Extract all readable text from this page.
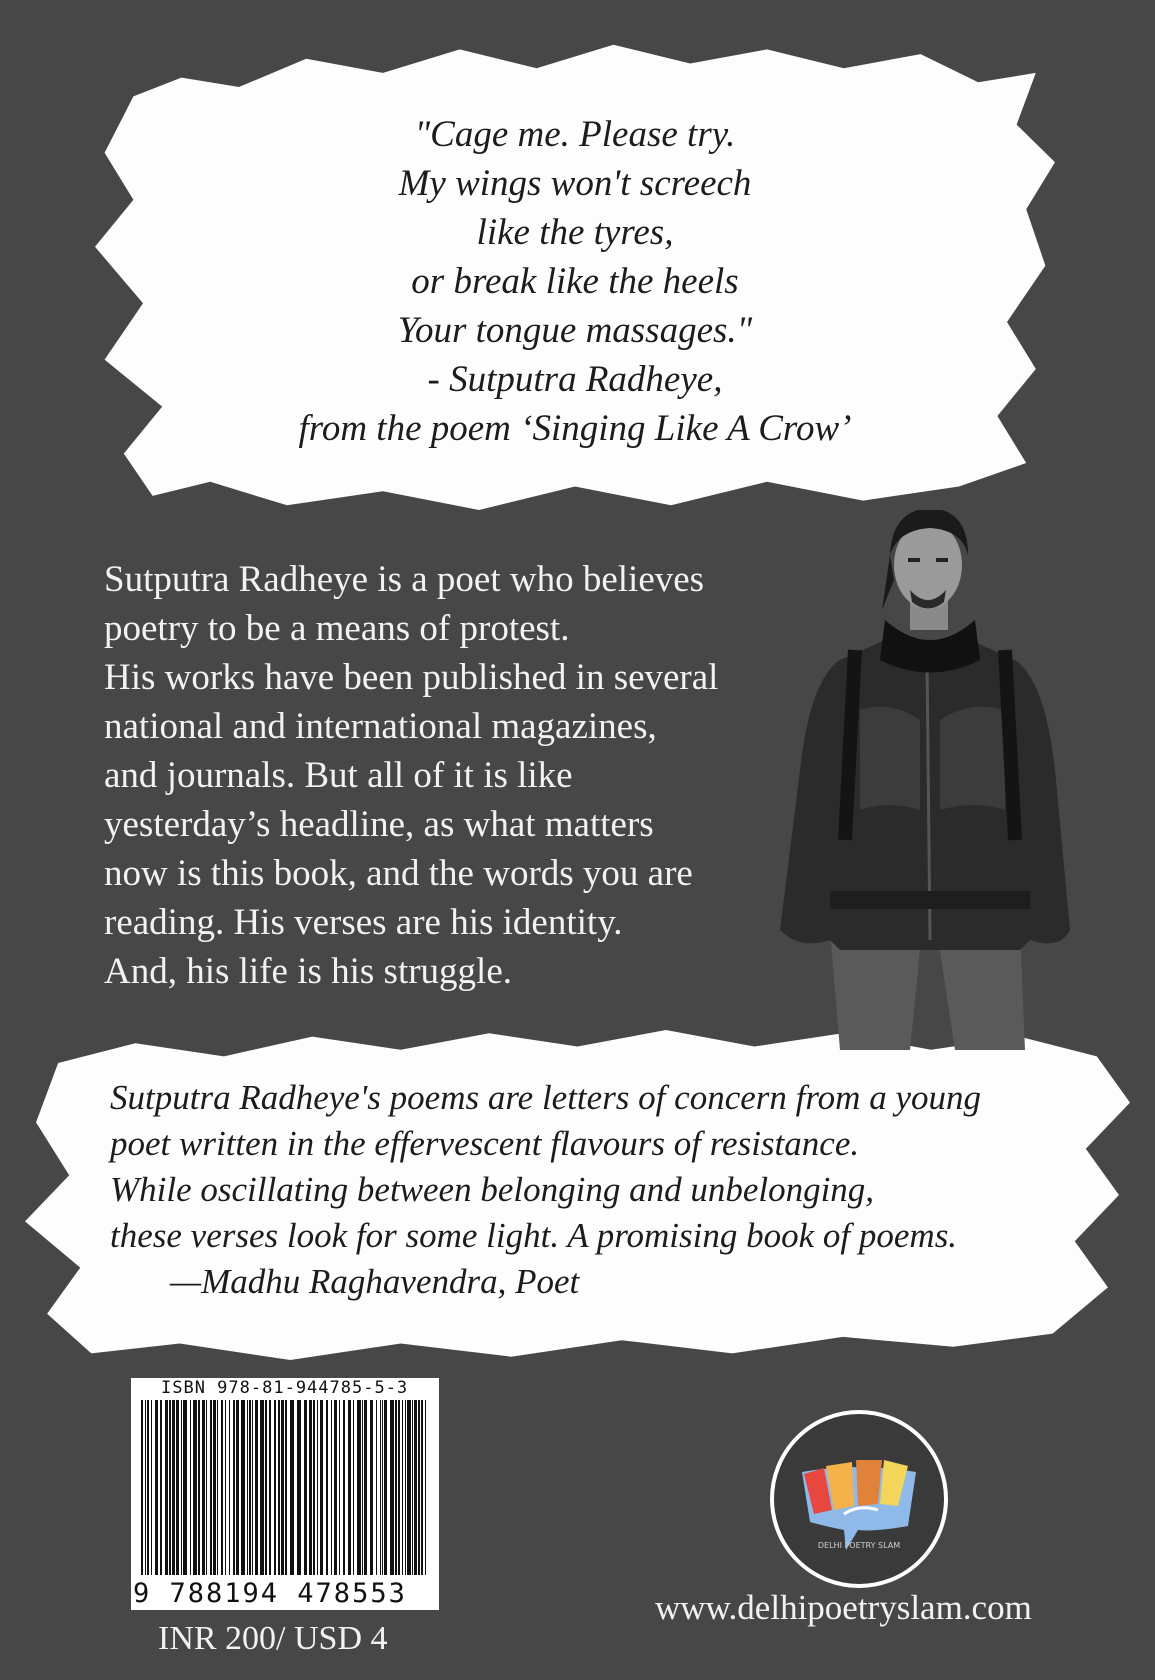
"Cage me. Please try.
My wings won't screech
like the tyres,
or break like the heels
Your tongue massages."
- Sutputra Radheye,
from the poem ‘Singing Like A Crow’
Sutputra Radheye is a poet who believes
poetry to be a means of protest.
His works have been published in several
national and international magazines,
and journals. But all of it is like
yesterday’s headline, as what matters
now is this book, and the words you are
reading. His verses are his identity.
And, his life is his struggle.
Sutputra Radheye's poems are letters of concern from a young
poet written in the effervescent flavours of resistance.
While oscillating between belonging and unbelonging,
these verses look for some light. A promising book of poems.
—Madhu Raghavendra, Poet
ISBN 978-81-944785-5-3
9 788194 478553
INR 200/ USD 4
DELHI POETRY SLAM
www.delhipoetryslam.com
